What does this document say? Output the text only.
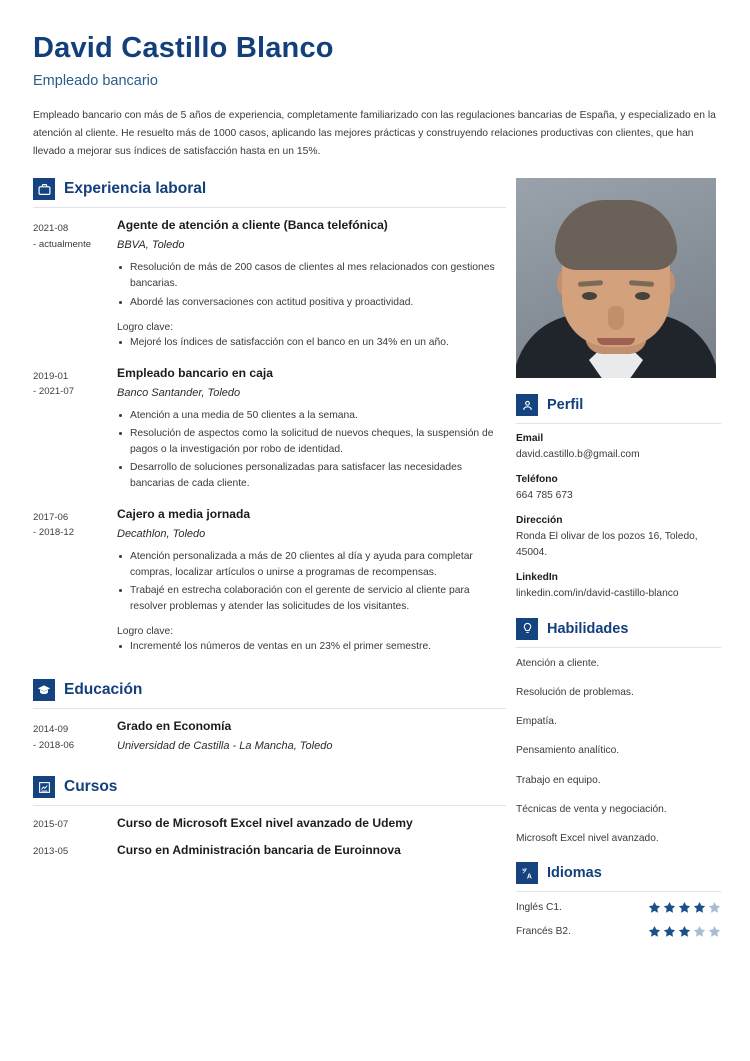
David Castillo Blanco
Empleado bancario
Empleado bancario con más de 5 años de experiencia, completamente familiarizado con las regulaciones bancarias de España, y especializado en la atención al cliente. He resuelto más de 1000 casos, aplicando las mejores prácticas y construyendo relaciones productivas con clientes, que han llevado a mejorar sus índices de satisfacción hasta en un 15%.
Experiencia laboral
2021-08
- actualmente
Agente de atención a cliente (Banca telefónica)
BBVA, Toledo
Resolución de más de 200 casos de clientes al mes relacionados con gestiones bancarias.
Abordé las conversaciones con actitud positiva y proactividad.
Logro clave:
Mejoré los índices de satisfacción con el banco en un 34% en un año.
2019-01
- 2021-07
Empleado bancario en caja
Banco Santander, Toledo
Atención a una media de 50 clientes a la semana.
Resolución de aspectos como la solicitud de nuevos cheques, la suspensión de pagos o la investigación por robo de identidad.
Desarrollo de soluciones personalizadas para satisfacer las necesidades bancarias de cada cliente.
2017-06
- 2018-12
Cajero a media jornada
Decathlon, Toledo
Atención personalizada a más de 20 clientes al día y ayuda para completar compras, localizar artículos o unirse a programas de recompensas.
Trabajé en estrecha colaboración con el gerente de servicio al cliente para resolver problemas y atender las solicitudes de los visitantes.
Logro clave:
Incrementé los números de ventas en un 23% el primer semestre.
Educación
2014-09
- 2018-06
Grado en Economía
Universidad de Castilla - La Mancha, Toledo
Cursos
2015-07	Curso de Microsoft Excel nivel avanzado de Udemy
2013-05	Curso en Administración bancaria de Euroinnova
Perfil
Email
david.castillo.b@gmail.com
Teléfono
664 785 673
Dirección
Ronda El olivar de los pozos 16, Toledo, 45004.
LinkedIn
linkedin.com/in/david-castillo-blanco
Habilidades
Atención a cliente.
Resolución de problemas.
Empatía.
Pensamiento analítico.
Trabajo en equipo.
Técnicas de venta y negociación.
Microsoft Excel nivel avanzado.
ヲ
A Idiomas
Inglés C1.
Francés B2.
